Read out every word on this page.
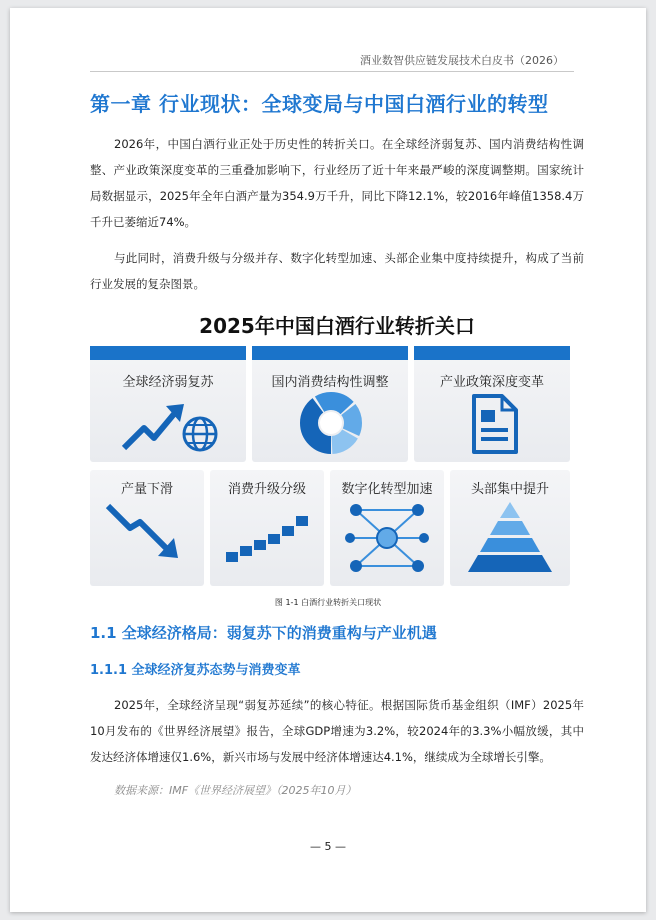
酒业数智供应链发展技术白皮书（2026）
第一章 行业现状：全球变局与中国白酒行业的转型

2026年，中国白酒行业正处于历史性的转折关口。在全球经济弱复苏、国内消费结构性调整、产业政策深度变革的三重叠加影响下，行业经历了近十年来最严峻的深度调整期。国家统计局数据显示，2025年全年白酒产量为354.9万千升，同比下降12.1%，较2016年峰值1358.4万千升已萎缩近74%。

与此同时，消费升级与分级并存、数字化转型加速、头部企业集中度持续提升，构成了当前行业发展的复杂图景。

2025年中国白酒行业转折关口
全球经济弱复苏	国内消费结构性调整	产业政策深度变革
产量下滑	消费升级分级	数字化转型加速	头部集中提升
图 1-1 白酒行业转折关口现状
1.1 全球经济格局：弱复苏下的消费重构与产业机遇
1.1.1 全球经济复苏态势与消费变革

2025年，全球经济呈现“弱复苏延续”的核心特征。根据国际货币基金组织（IMF）2025年10月发布的《世界经济展望》报告，全球GDP增速为3.2%，较2024年的3.3%小幅放缓，其中发达经济体增速仅1.6%，新兴市场与发展中经济体增速达4.1%，继续成为全球增长引擎。

数据来源：IMF《世界经济展望》（2025年10月）
— 5 —
